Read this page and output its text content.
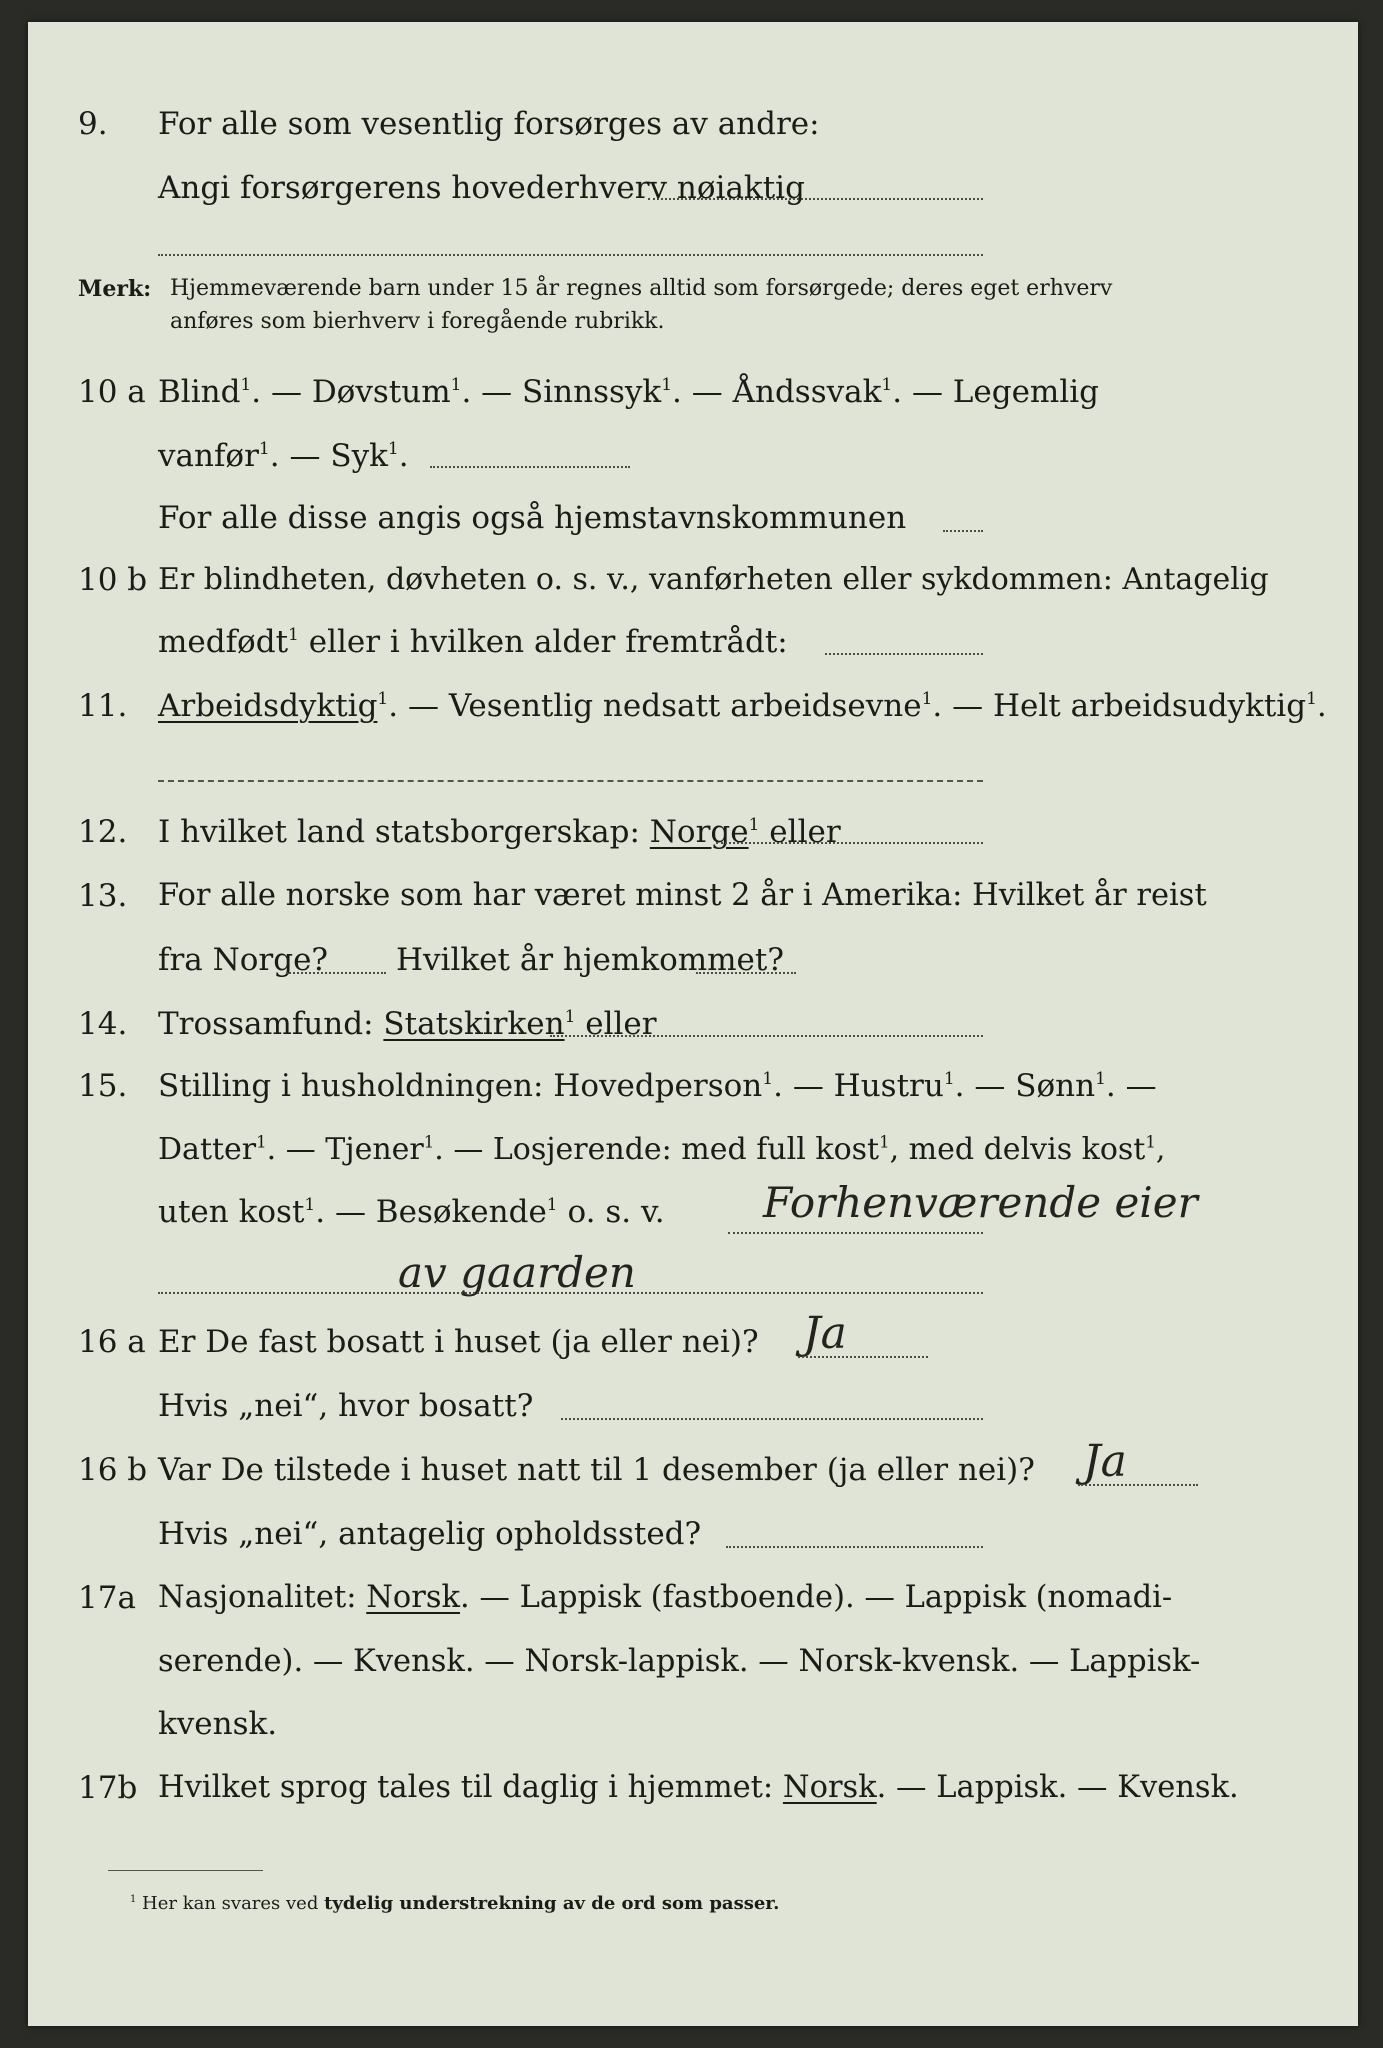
9. For alle som vesentlig forsørges av andre:
Angi forsørgerens hovederhverv nøiaktig
Merk: Hjemmeværende barn under 15 år regnes alltid som forsørgede; deres eget erhverv
anføres som bierhverv i foregående rubrikk.
10 a Blind$^1$. — Døvstum$^1$. — Sinnssyk$^1$. — Åndssvak$^1$. — Legemlig
vanfør$^1$. — Syk$^1$.
For alle disse angis også hjemstavnskommunen
10 b Er blindheten, døvheten o. s. v., vanførheten eller sykdommen: Antagelig
medfødt$^1$ eller i hvilken alder fremtrådt:
11. Arbeidsdyktig$^1$. — Vesentlig nedsatt arbeidsevne$^1$. — Helt arbeidsudyktig$^1$.
12. I hvilket land statsborgerskap: Norge$^1$ eller
13. For alle norske som har været minst 2 år i Amerika: Hvilket år reist
fra Norge? Hvilket år hjemkommet?
14. Trossamfund: Statskirken$^1$ eller
15. Stilling i husholdningen: Hovedperson$^1$. — Hustru$^1$. — Sønn$^1$. —
Datter$^1$. — Tjener$^1$. — Losjerende: med full kost$^1$, med delvis kost$^1$,
uten kost$^1$. — Besøkende$^1$ o. s. v. Forhenværende eier
av gaarden
16 a Er De fast bosatt i huset (ja eller nei)? Ja
Hvis „nei“, hvor bosatt?
16 b Var De tilstede i huset natt til 1 desember (ja eller nei)? Ja
Hvis „nei“, antagelig opholdssted?
17a Nasjonalitet: Norsk. — Lappisk (fastboende). — Lappisk (nomadi-
serende). — Kvensk. — Norsk-lappisk. — Norsk-kvensk. — Lappisk-
kvensk.
17b Hvilket sprog tales til daglig i hjemmet: Norsk. — Lappisk. — Kvensk.
$^1$ Her kan svares ved tydelig understrekning av de ord som passer.
